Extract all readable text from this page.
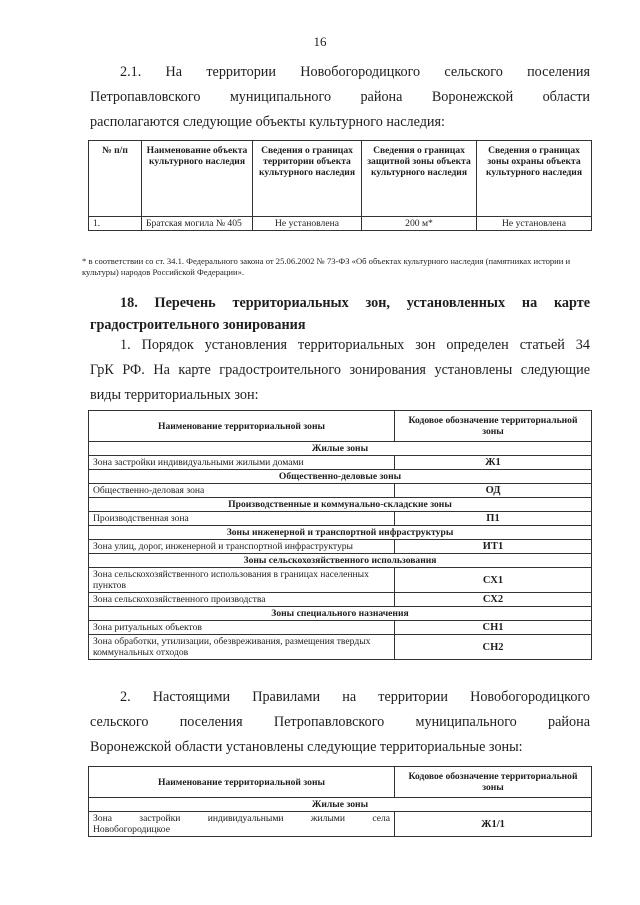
16
2.1. На территории Новобогородицкого сельского поселения
Петропавловского муниципального района Воронежской области
располагаются следующие объекты культурного наследия:
№ п/п	Наименование объекта культурного наследия	Сведения о границах территории объекта культурного наследия	Сведения о границах защитной зоны объекта культурного наследия	Сведения о границах зоны охраны объекта культурного наследия
1.	Братская могила № 405	Не установлена	200 м*	Не установлена

* в соответствии со ст. 34.1. Федерального закона от 25.06.2002 № 73-ФЗ «Об объектах культурного наследия (памятниках истории и культуры) народов Российской Федерации».

18. Перечень территориальных зон, установленных на карте градостроительного зонирования

1. Порядок установления территориальных зон определен статьей 34
ГрК РФ. На карте градостроительного зонирования установлены следующие
виды территориальных зон:
Наименование территориальной зоны	Кодовое обозначение территориальной зоны
Жилые зоны	
Зона застройки индивидуальными жилыми домами	Ж1
Общественно-деловые зоны	
Общественно-деловая зона	ОД
Производственные и коммунально-складские зоны	
Производственная зона	П1
Зоны инженерной и транспортной инфраструктуры	
Зона улиц, дорог, инженерной и транспортной инфраструктуры	ИТ1
Зоны сельскохозяйственного использования	
Зона сельскохозяйственного использования в границах населенных пунктов	СХ1
Зона сельскохозяйственного производства	СХ2
Зоны специального назначения	
Зона ритуальных объектов	СН1
Зона обработки, утилизации, обезвреживания, размещения твердых коммунальных отходов	СН2
2. Настоящими Правилами на территории Новобогородицкого
сельского поселения Петропавловского муниципального района
Воронежской области установлены следующие территориальные зоны:
Наименование территориальной зоны	Кодовое обозначение территориальной зоны
Жилые зоны	

Зона застройки индивидуальными жилыми села
Новобогородицкое	Ж1/1
